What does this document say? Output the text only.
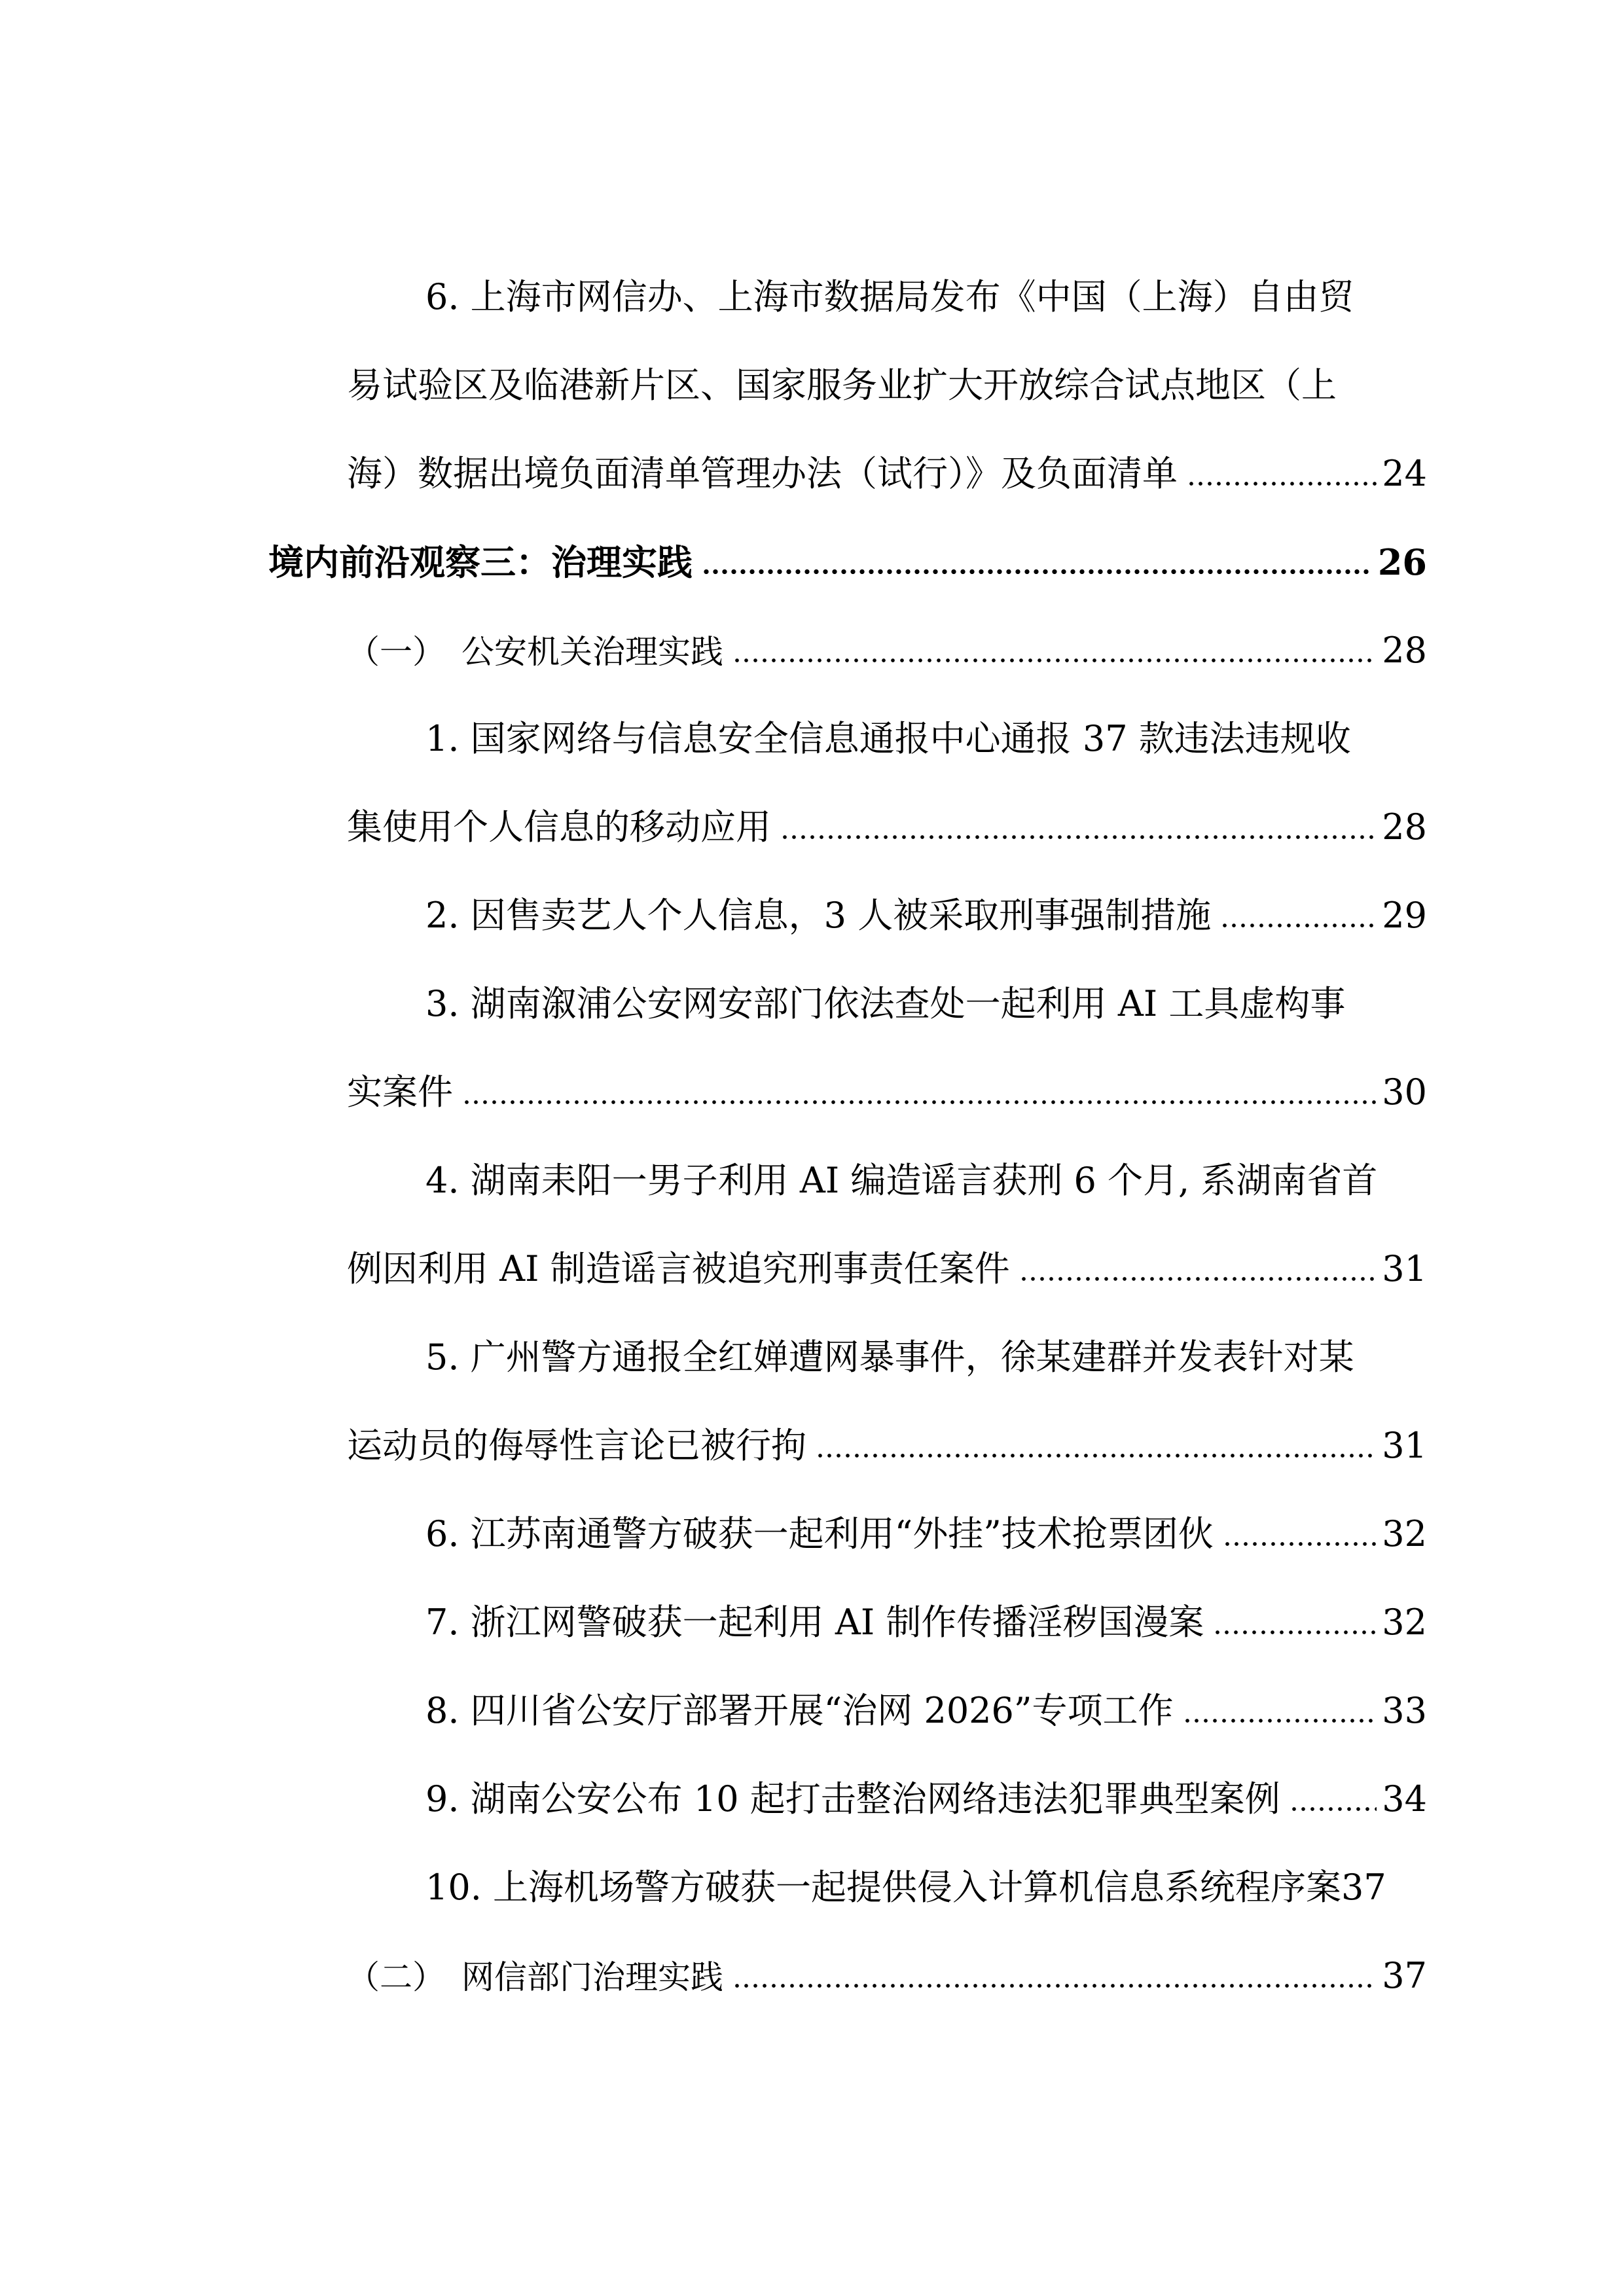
6. 上海市网信办、上海市数据局发布《中国（上海）自由贸
易试验区及临港新片区、国家服务业扩大开放综合试点地区（上
海）数据出境负面清单管理办法（试行）》及负面清单	24
境内前沿观察三：治理实践	26
（一）　公安机关治理实践	28
1. 国家网络与信息安全信息通报中心通报 37 款违法违规收
集使用个人信息的移动应用	28
2. 因售卖艺人个人信息，3 人被采取刑事强制措施	29
3. 湖南溆浦公安网安部门依法查处一起利用 AI 工具虚构事
实案件	30
4. 湖南耒阳一男子利用 AI 编造谣言获刑 6 个月, 系湖南省首
例因利用 AI 制造谣言被追究刑事责任案件	31
5. 广州警方通报全红婵遭网暴事件，徐某建群并发表针对某
运动员的侮辱性言论已被行拘	31
6. 江苏南通警方破获一起利用“外挂”技术抢票团伙	32
7. 浙江网警破获一起利用 AI 制作传播淫秽国漫案	32
8. 四川省公安厅部署开展“治网 2026”专项工作	33
9. 湖南公安公布 10 起打击整治网络违法犯罪典型案例	34
10. 上海机场警方破获一起提供侵入计算机信息系统程序案 37
（二）　网信部门治理实践	37
